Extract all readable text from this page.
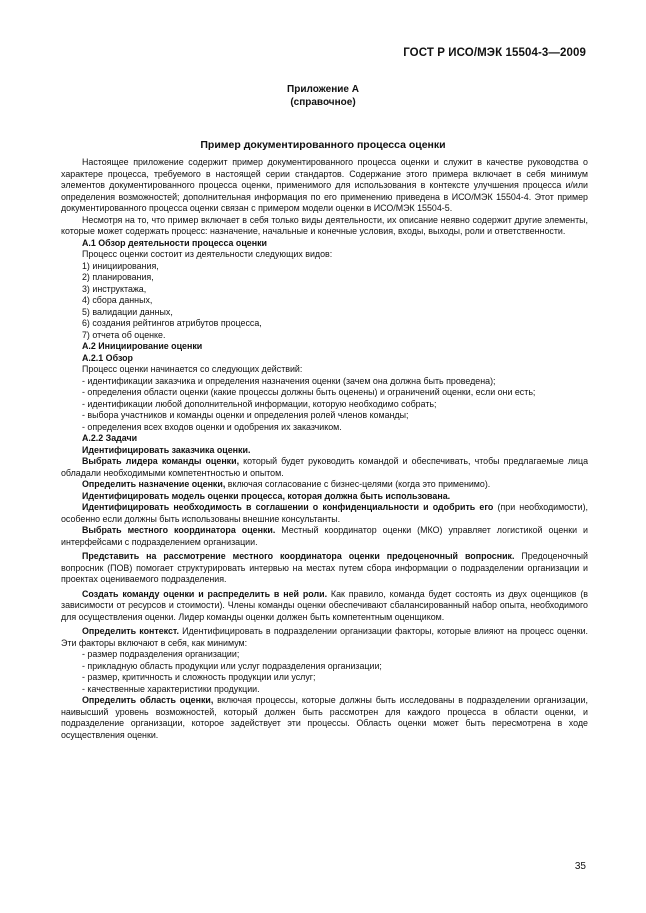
ГОСТ Р ИСО/МЭК 15504-3—2009
Приложение А
(справочное)
Пример документированного процесса оценки

Настоящее приложение содержит пример документированного процесса оценки и служит в качестве руководства о характере процесса, требуемого в настоящей серии стандартов. Содержание этого примера включает в себя минимум элементов документированного процесса оценки, применимого для использования в контексте улучшения процесса и/или определения возможностей; дополнительная информация по его применению приведена в ИСО/МЭК 15504-4. Этот пример документированного процесса оценки связан с примером модели оценки в ИСО/МЭК 15504-5.

Несмотря на то, что пример включает в себя только виды деятельности, их описание неявно содержит другие элементы, которые может содержать процесс: назначение, начальные и конечные условия, входы, выходы, роли и ответственности.

А.1 Обзор деятельности процесса оценки

Процесс оценки состоит из деятельности следующих видов:

1) инициирования,

2) планирования,

3) инструктажа,

4) сбора данных,

5) валидации данных,

6) создания рейтингов атрибутов процесса,

7) отчета об оценке.

А.2 Инициирование оценки

А.2.1 Обзор

Процесс оценки начинается со следующих действий:

- идентификации заказчика и определения назначения оценки (зачем она должна быть проведена);

- определения области оценки (какие процессы должны быть оценены) и ограничений оценки, если они есть;

- идентификации любой дополнительной информации, которую необходимо собрать;

- выбора участников и команды оценки и определения ролей членов команды;

- определения всех входов оценки и одобрения их заказчиком.

А.2.2 Задачи

Идентифицировать заказчика оценки.

Выбрать лидера команды оценки, который будет руководить командой и обеспечивать, чтобы предлагаемые лица обладали необходимыми компетентностью и опытом.

Определить назначение оценки, включая согласование с бизнес-целями (когда это применимо).

Идентифицировать модель оценки процесса, которая должна быть использована.

Идентифицировать необходимость в соглашении о конфиденциальности и одобрить его (при необходимости), особенно если должны быть использованы внешние консультанты.

Выбрать местного координатора оценки. Местный координатор оценки (МКО) управляет логистикой оценки и интерфейсами с подразделением организации.

Представить на рассмотрение местного координатора оценки предоценочный вопросник. Предоценочный вопросник (ПОВ) помогает структурировать интервью на местах путем сбора информации о подразделении организации и проектах оцениваемого подразделения.

Создать команду оценки и распределить в ней роли. Как правило, команда будет состоять из двух оценщиков (в зависимости от ресурсов и стоимости). Члены команды оценки обеспечивают сбалансированный набор опыта, необходимого для осуществления оценки. Лидер команды оценки должен быть компетентным оценщиком.

Определить контекст. Идентифицировать в подразделении организации факторы, которые влияют на процесс оценки. Эти факторы включают в себя, как минимум:

- размер подразделения организации;

- прикладную область продукции или услуг подразделения организации;

- размер, критичность и сложность продукции или услуг;

- качественные характеристики продукции.

Определить область оценки, включая процессы, которые должны быть исследованы в подразделении организации, наивысший уровень возможностей, который должен быть рассмотрен для каждого процесса в области оценки, и подразделение организации, которое задействует эти процессы. Область оценки может быть пересмотрена в ходе осуществления оценки.

35
